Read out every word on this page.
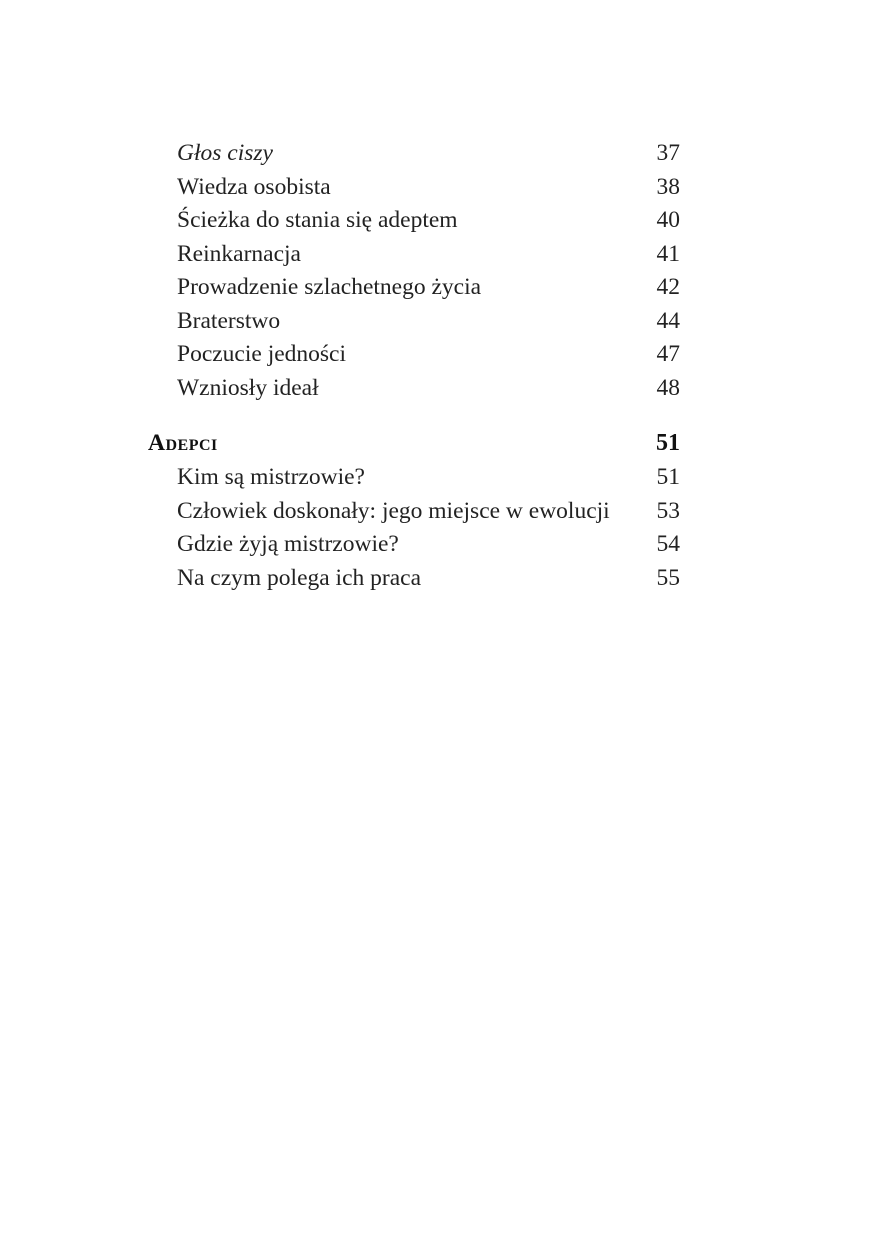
Głos ciszy	37
Wiedza osobista	38
Ścieżka do stania się adeptem	40
Reinkarnacja	41
Prowadzenie szlachetnego życia	42
Braterstwo	44
Poczucie jedności	47
Wzniosły ideał	48
Adepci	51
Kim są mistrzowie?	51
Człowiek doskonały: jego miejsce w ewolucji 53
Gdzie żyją mistrzowie?	54
Na czym polega ich praca	55
